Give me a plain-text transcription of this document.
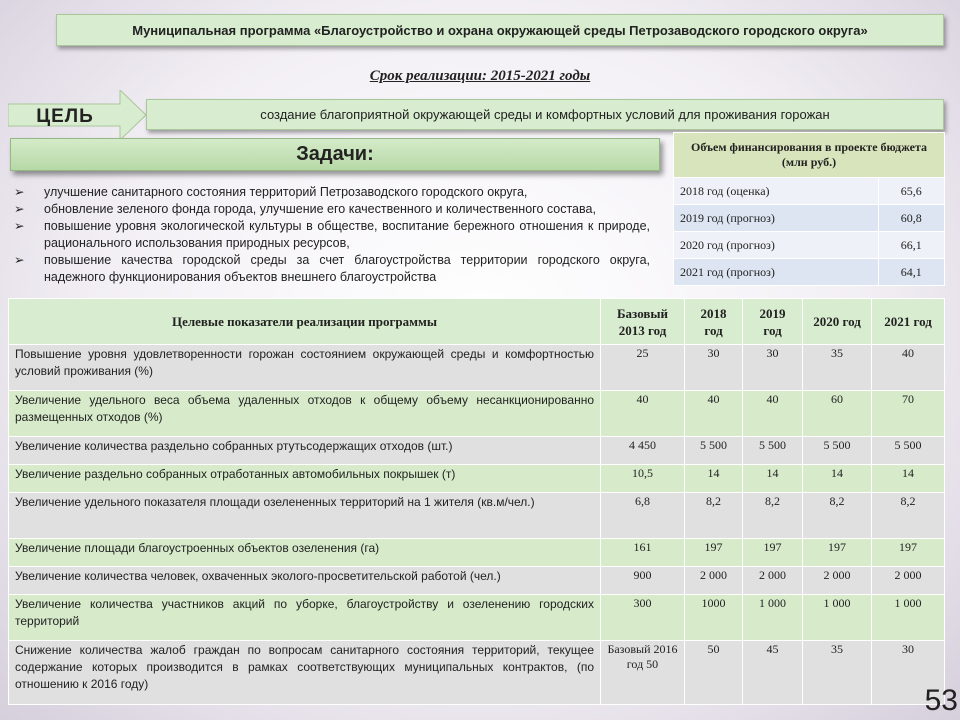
Муниципальная программа «Благоустройство и охрана окружающей среды Петрозаводского городского округа»
Срок реализации: 2015-2021 годы
ЦЕЛЬ	создание благоприятной окружающей среды и комфортных условий для проживания горожан
Задачи:
➢ улучшение санитарного состояния территорий Петрозаводского городского округа,
➢ обновление зеленого фонда города, улучшение его качественного и количественного состава,
➢ повышение уровня экологической культуры в обществе, воспитание бережного отношения к природе, рационального использования природных ресурсов,
➢ повышение качества городской среды за счет благоустройства территории городского округа, надежного функционирования объектов внешнего благоустройства
Объем финансирования в проекте бюджета (млн руб.)	
2018 год (оценка)	65,6
2019 год (прогноз)	60,8
2020 год (прогноз)	66,1
2021 год (прогноз)	64,1
Целевые показатели реализации программы	Базовый 2013 год	2018 год	2019 год	2020 год	2021 год
Повышение уровня удовлетворенности горожан состоянием окружающей среды и комфортностью условий проживания (%)	25	30	30	35	40
Увеличение удельного веса объема удаленных отходов к общему объему несанкционированно размещенных отходов (%)	40	40	40	60	70
Увеличение количества раздельно собранных ртутьсодержащих отходов (шт.)	4 450	5 500	5 500	5 500	5 500
Увеличение раздельно собранных отработанных автомобильных покрышек (т)	10,5	14	14	14	14
Увеличение удельного показателя площади озелененных территорий на 1 жителя (кв.м/чел.)	6,8	8,2	8,2	8,2	8,2
Увеличение площади благоустроенных объектов озеленения (га)	161	197	197	197	197
Увеличение количества человек, охваченных эколого-просветительской работой (чел.)	900	2 000	2 000	2 000	2 000
Увеличение количества участников акций по уборке, благоустройству и озеленению городских территорий	300	1000	1 000	1 000	1 000
Снижение количества жалоб граждан по вопросам санитарного состояния территорий, текущее содержание которых производится в рамках соответствующих муниципальных контрактов, (по отношению к 2016 году)	Базовый 2016 год 50	50	45	35	30
53
